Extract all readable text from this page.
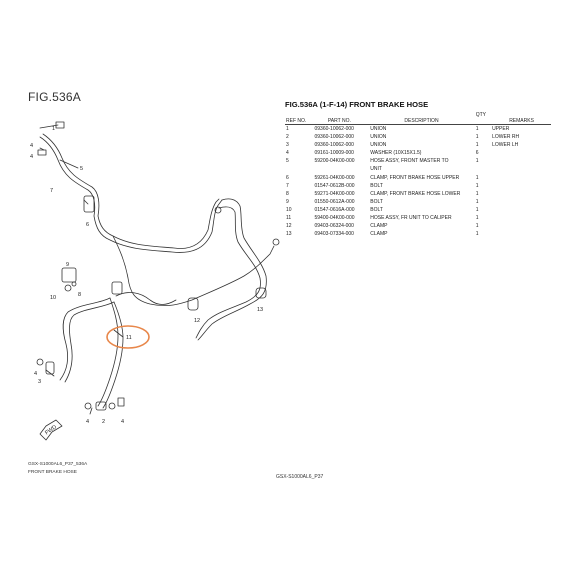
FIG.536A
FWD
1
4
4
7
5
6
9
10	8
12
13
11
4
3
4 2	4
FIG.536A (1-F-14) FRONT BRAKE HOSE
			QTY	
REF NO.	PART NO.	DESCRIPTION		REMARKS
1	09360-10062-000	UNION	1	UPPER
2	09360-10062-000	UNION	1	LOWER RH
3	09360-10062-000	UNION	1	LOWER LH
4	09161-10009-000	WASHER (10X15X1.5)	6	
5	59200-04K00-000	HOSE ASSY, FRONT MASTER TO	1	
		UNIT		
6	59261-04K00-000	CLAMP, FRONT BRAKE HOSE UPPER	1	
7	01547-0612B-000	BOLT	1	
8	59271-04K00-000	CLAMP, FRONT BRAKE HOSE LOWER	1	
9	01550-0612A-000	BOLT	1	
10	01547-0616A-000	BOLT	1	
11	59400-04K00-000	HOSE ASSY, FR UNIT TO CALIPER	1	
12	09403-06324-000	CLAMP	1	
13	09403-07334-000	CLAMP	1	
GSX-S1000AL6_P37_536A
FRONT BRAKE HOSE
GSX-S1000AL6_P37
